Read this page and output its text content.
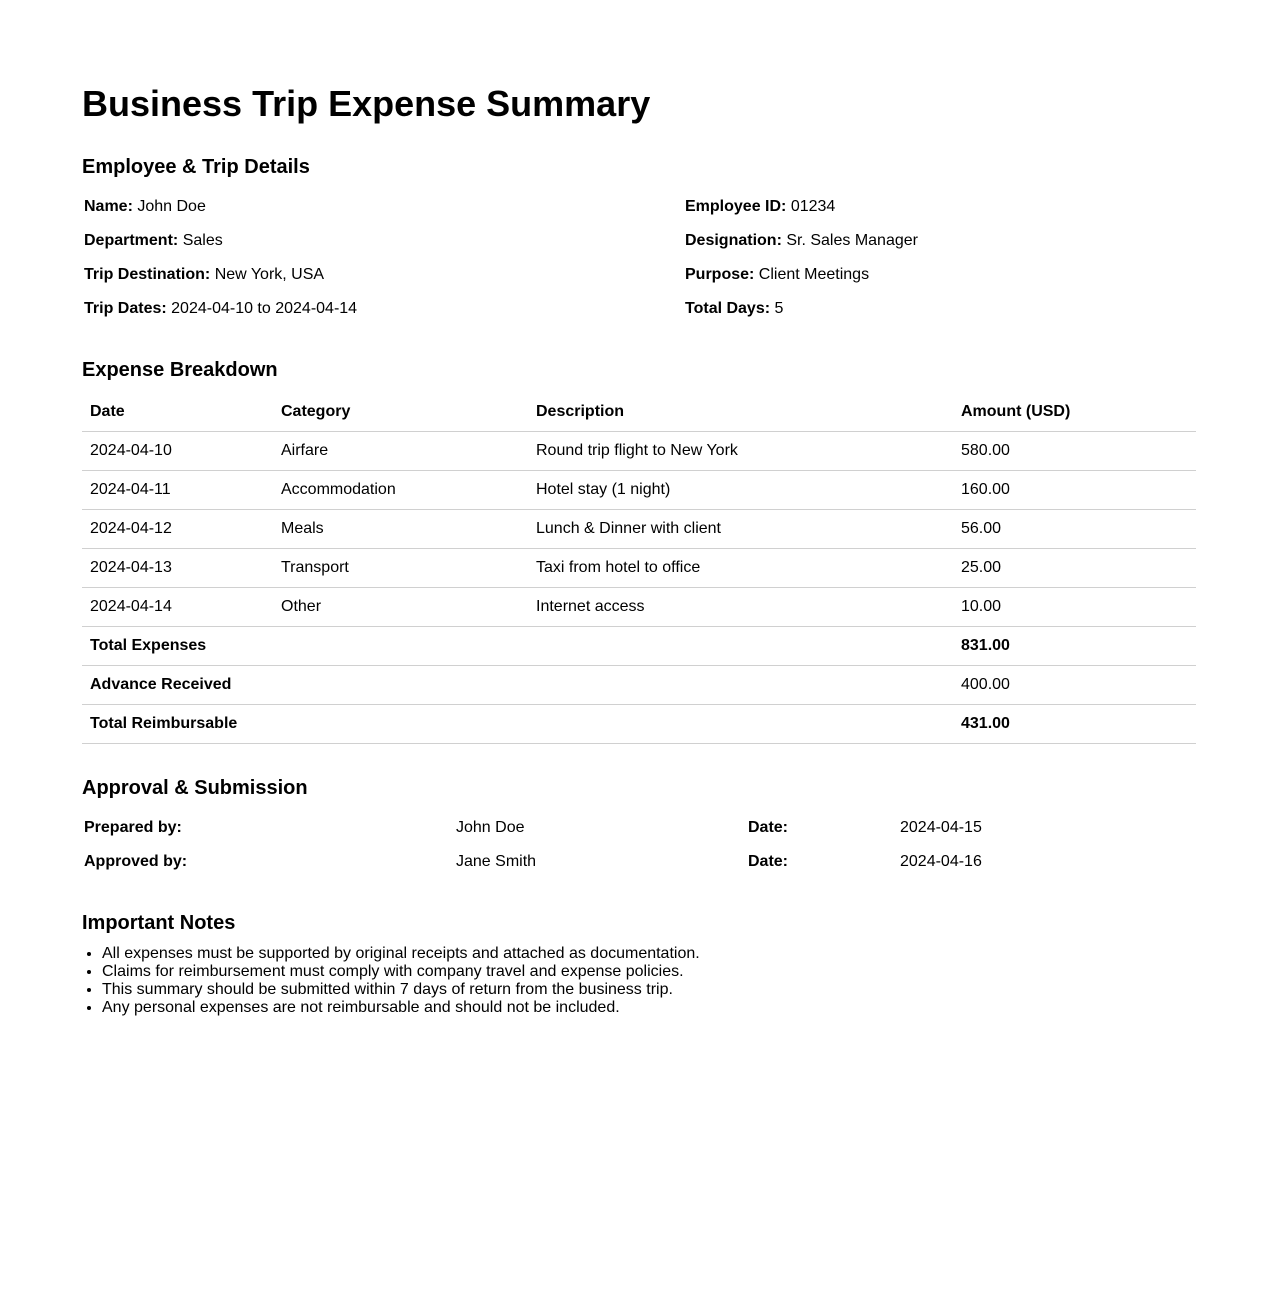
Business Trip Expense Summary
Employee & Trip Details
Name: John Doe	Employee ID: 01234
Department: Sales	Designation: Sr. Sales Manager
Trip Destination: New York, USA	Purpose: Client Meetings
Trip Dates: 2024-04-10 to 2024-04-14	Total Days: 5
Expense Breakdown
Date	Category	Description	Amount (USD)
2024-04-10	Airfare	Round trip flight to New York	580.00
2024-04-11	Accommodation	Hotel stay (1 night)	160.00
2024-04-12	Meals	Lunch & Dinner with client	56.00
2024-04-13	Transport	Taxi from hotel to office	25.00
2024-04-14	Other	Internet access	10.00
Total Expenses			831.00
Advance Received			400.00
Total Reimbursable			431.00
Approval & Submission
Prepared by:	John Doe	Date:	2024-04-15
Approved by:	Jane Smith	Date:	2024-04-16
Important Notes
• All expenses must be supported by original receipts and attached as documentation.
• Claims for reimbursement must comply with company travel and expense policies.
• This summary should be submitted within 7 days of return from the business trip.
• Any personal expenses are not reimbursable and should not be included.
